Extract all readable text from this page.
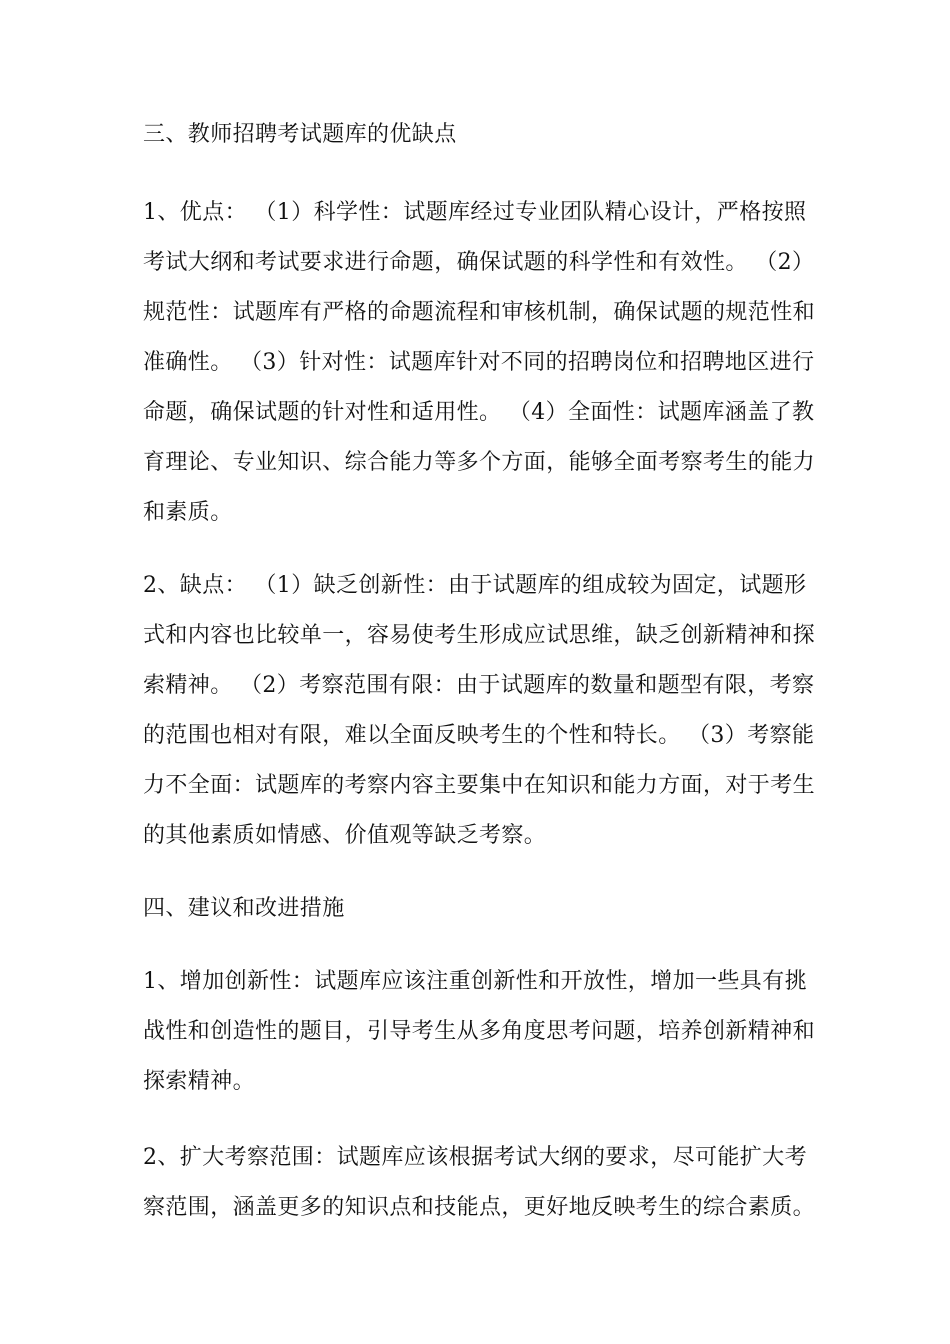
三、教师招聘考试题库的优缺点

1、优点： （1）科学性：试题库经过专业团队精心设计，严格按照
考试大纲和考试要求进行命题，确保试题的科学性和有效性。 （2）
规范性：试题库有严格的命题流程和审核机制，确保试题的规范性和
准确性。 （3）针对性：试题库针对不同的招聘岗位和招聘地区进行
命题，确保试题的针对性和适用性。 （4）全面性：试题库涵盖了教
育理论、专业知识、综合能力等多个方面，能够全面考察考生的能力
和素质。

2、缺点： （1）缺乏创新性：由于试题库的组成较为固定，试题形
式和内容也比较单一，容易使考生形成应试思维，缺乏创新精神和探
索精神。 （2）考察范围有限：由于试题库的数量和题型有限，考察
的范围也相对有限，难以全面反映考生的个性和特长。 （3）考察能
力不全面：试题库的考察内容主要集中在知识和能力方面，对于考生
的其他素质如情感、价值观等缺乏考察。

四、建议和改进措施

1、增加创新性：试题库应该注重创新性和开放性，增加一些具有挑
战性和创造性的题目，引导考生从多角度思考问题，培养创新精神和
探索精神。

2、扩大考察范围：试题库应该根据考试大纲的要求，尽可能扩大考
察范围，涵盖更多的知识点和技能点，更好地反映考生的综合素质。
